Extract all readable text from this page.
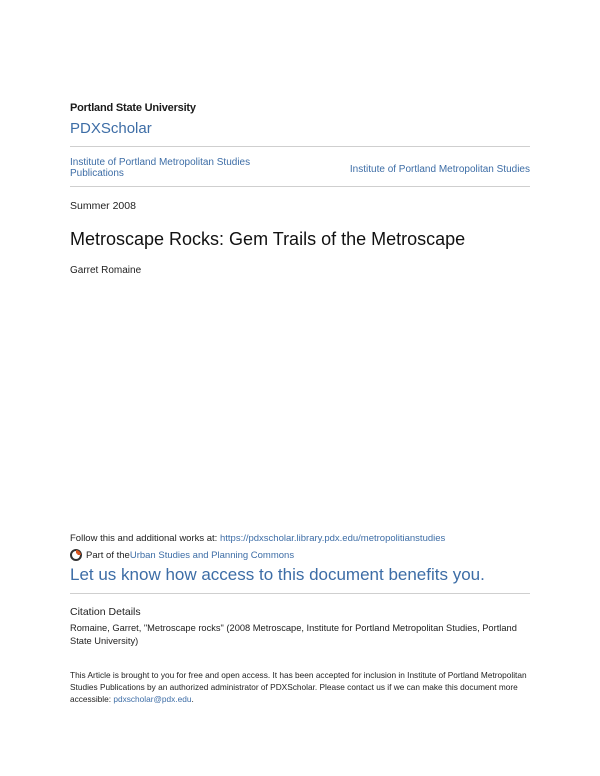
Portland State University
PDXScholar
Institute of Portland Metropolitan Studies Publications	Institute of Portland Metropolitan Studies
Summer 2008
Metroscape Rocks: Gem Trails of the Metroscape
Garret Romaine
Follow this and additional works at: https://pdxscholar.library.pdx.edu/metropolitianstudies
Part of the Urban Studies and Planning Commons
Let us know how access to this document benefits you.
Citation Details
Romaine, Garret, "Metroscape rocks" (2008 Metroscape, Institute for Portland Metropolitan Studies, Portland State University)
This Article is brought to you for free and open access. It has been accepted for inclusion in Institute of Portland Metropolitan Studies Publications by an authorized administrator of PDXScholar. Please contact us if we can make this document more accessible: pdxscholar@pdx.edu.
